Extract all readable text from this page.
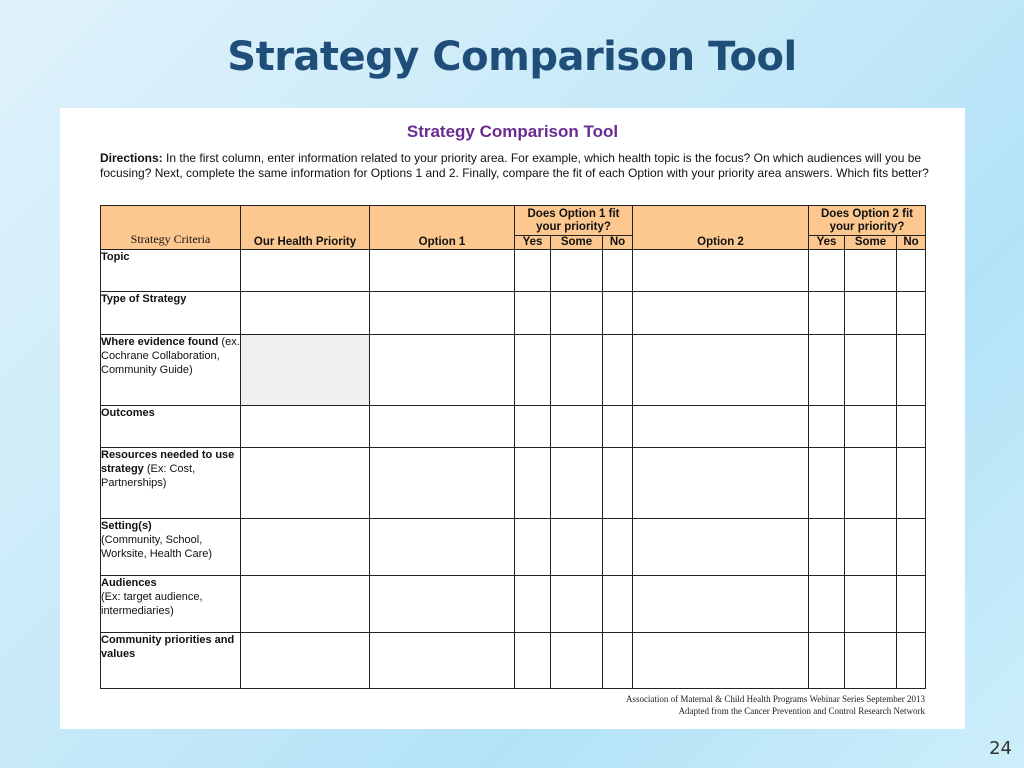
Strategy Comparison Tool
Strategy Comparison Tool
Directions: In the first column, enter information related to your priority area. For example, which health topic is the focus? On which audiences will you be focusing? Next, complete the same information for Options 1 and 2. Finally, compare the fit of each Option with your priority area answers. Which fits better?
Strategy Criteria	Our Health Priority	Option 1	Does Option 1 fit your priority?			Option 2	Does Option 2 fit your priority?		
			Yes	Some	No		Yes	Some	No
Topic									
Type of Strategy									
Where evidence found (ex. Cochrane Collaboration, Community Guide)									
Outcomes									
Resources needed to use strategy (Ex: Cost, Partnerships)									
Setting(s)
(Community, School, Worksite, Health Care)									
Audiences
(Ex: target audience, intermediaries)									
Community priorities and values									
Association of Maternal & Child Health Programs Webinar Series September 2013
Adapted from the Cancer Prevention and Control Research Network
24
